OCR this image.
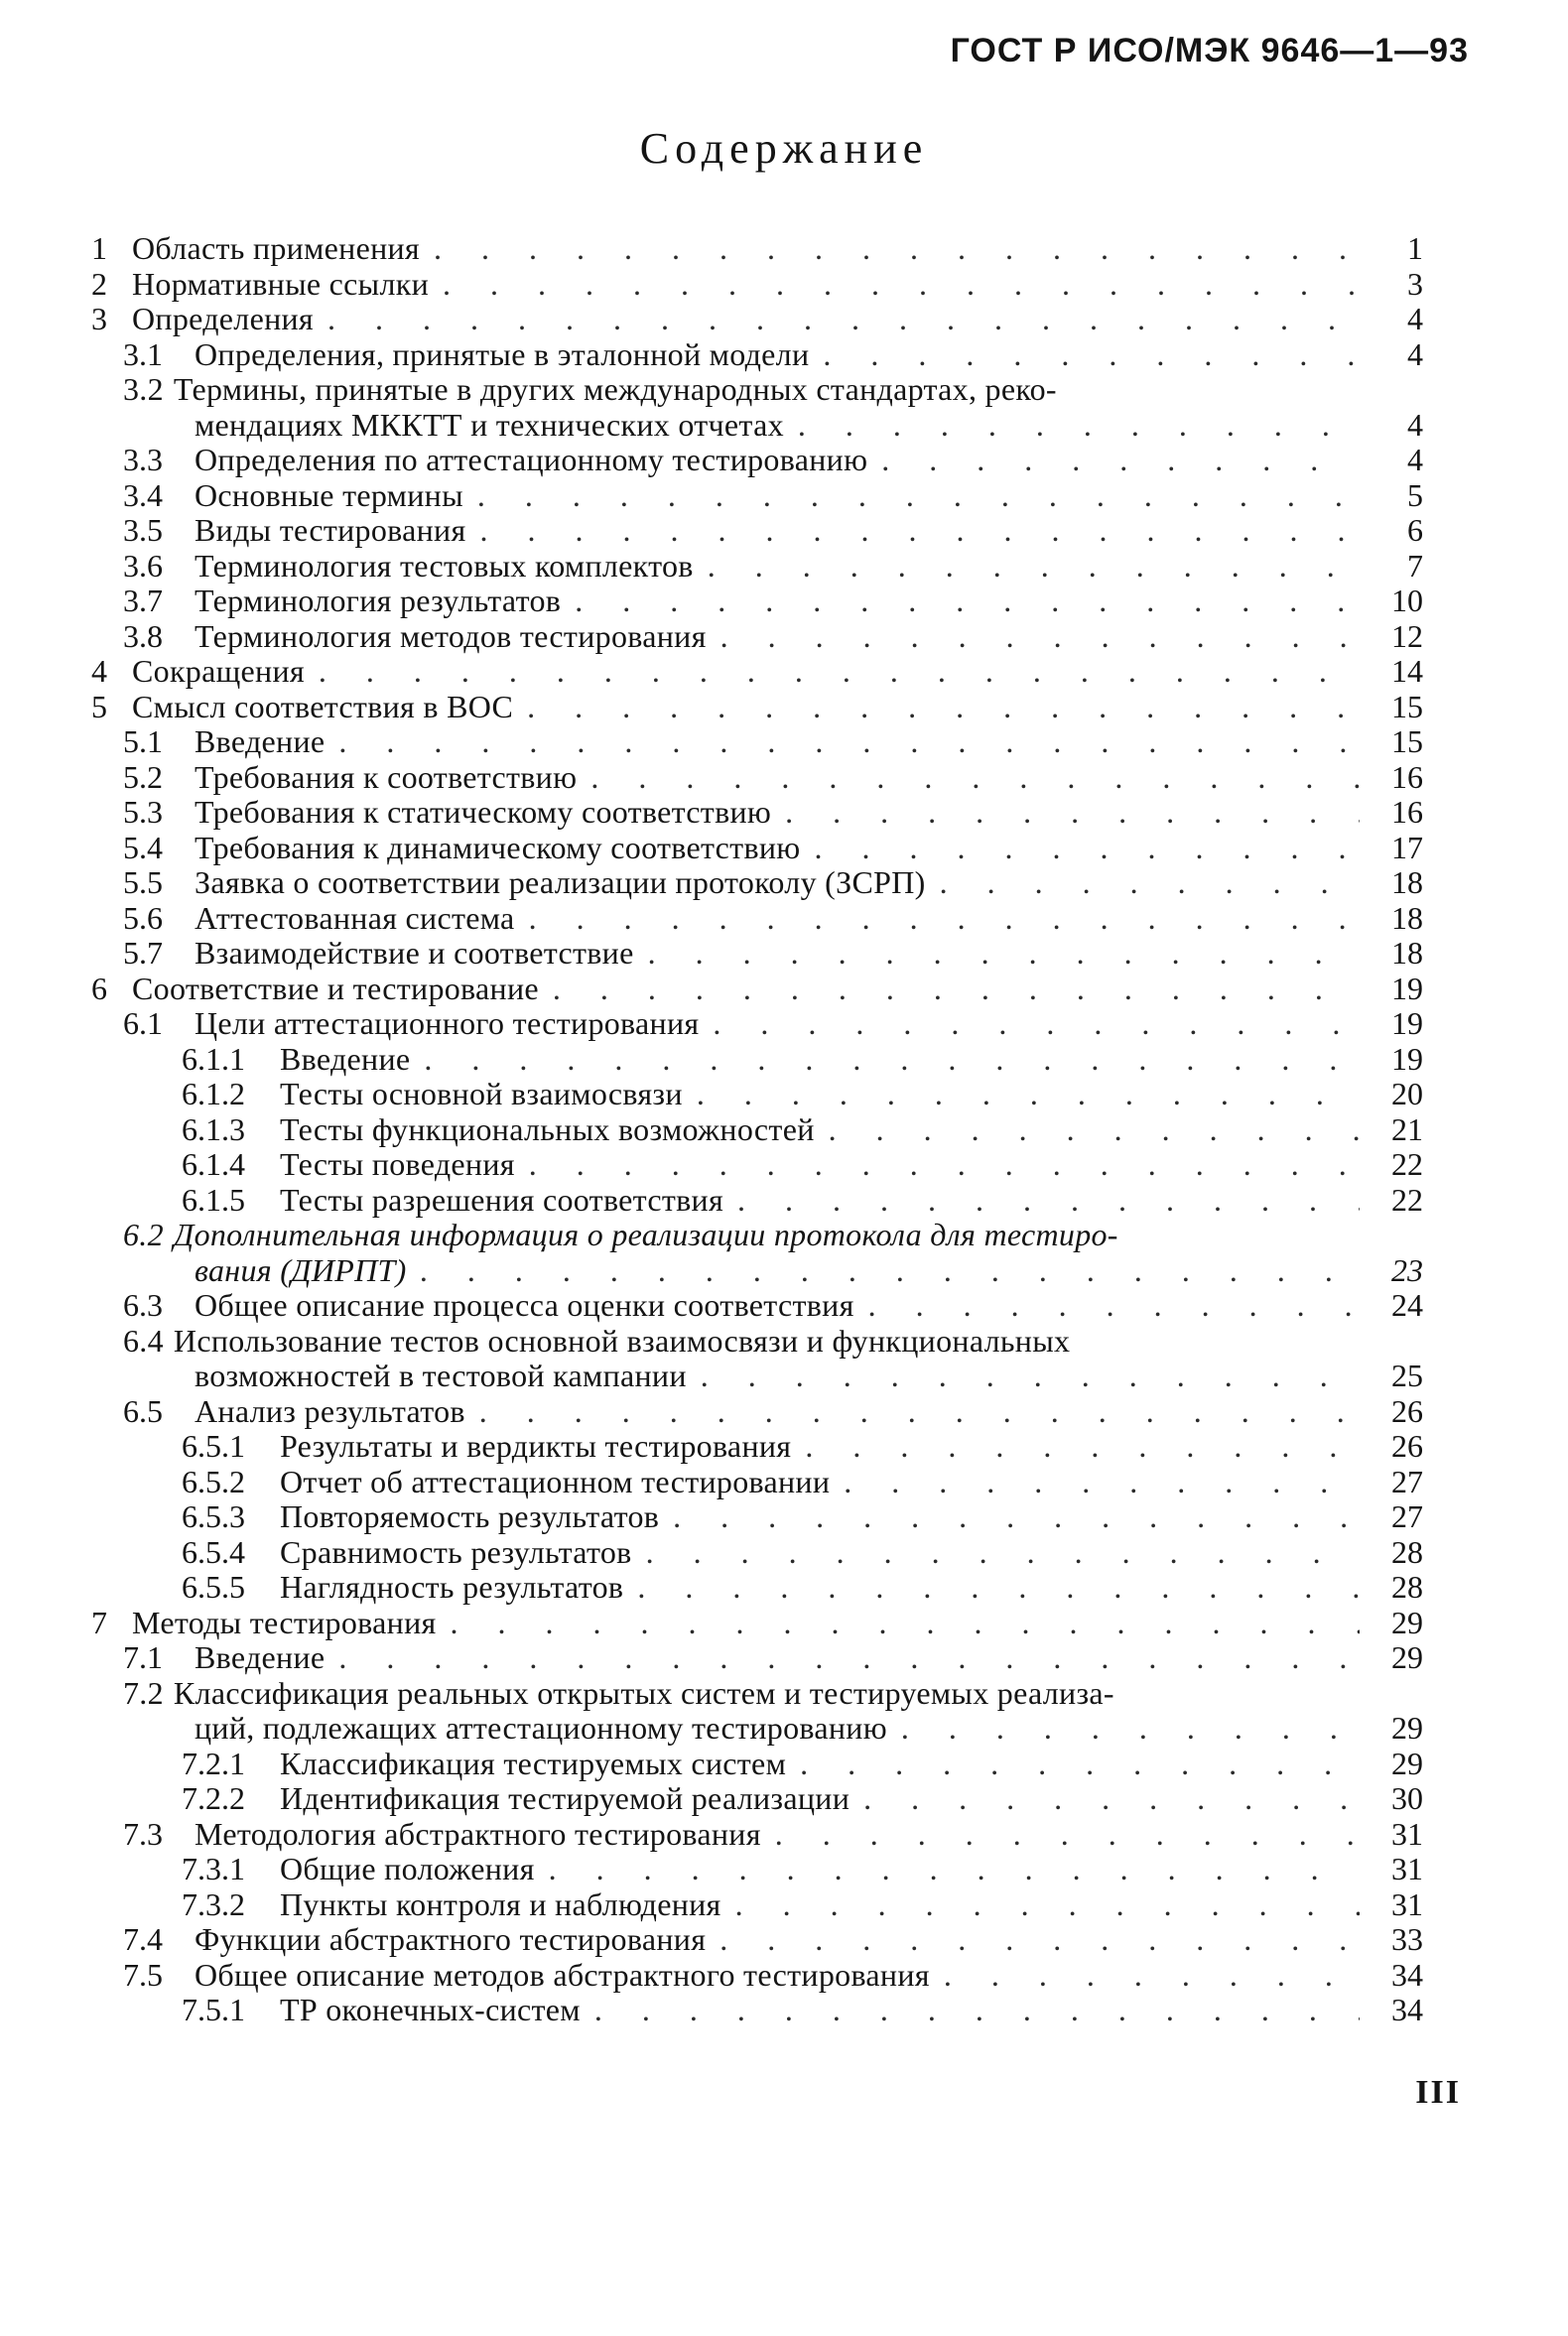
ГОСТ Р ИСО/МЭК 9646—1—93
Содержание
1 Область применения . . .	1
2 Нормативные ссылки . . .	3
3 Определения . . .	4
3.1 Определения, принятые в эталонной модели . . .	4
3.2 Термины, принятые в других международных стандартах, реко-
мендациях МККТТ и технических отчетах . . .	4
3.3 Определения по аттестационному тестированию . . .	4
3.4 Основные термины . . .	5
3.5 Виды тестирования . . .	6
3.6 Терминология тестовых комплектов . . .	7
3.7 Терминология результатов . . .	10
3.8 Терминология методов тестирования . . .	12
4 Сокращения . . .	14
5 Смысл соответствия в ВОС . . .	15
5.1 Введение . . .	15
5.2 Требования к соответствию . . .	16
5.3 Требования к статическому соответствию . . .	16
5.4 Требования к динамическому соответствию . . .	17
5.5 Заявка о соответствии реализации протоколу (ЗСРП) . . .	18
5.6 Аттестованная система . . .	18
5.7 Взаимодействие и соответствие . . .	18
6 Соответствие и тестирование . . .	19
6.1 Цели аттестационного тестирования . . .	19
6.1.1 Введение . . .	19
6.1.2 Тесты основной взаимосвязи . . .	20
6.1.3 Тесты функциональных возможностей . . .	21
6.1.4 Тесты поведения . . .	22
6.1.5 Тесты разрешения соответствия . . .	22
6.2 Дополнительная информация о реализации протокола для тестиро-
вания (ДИРПТ) . . .	23
6.3 Общее описание процесса оценки соответствия . . .	24
6.4 Использование тестов основной взаимосвязи и функциональных
возможностей в тестовой кампании . . .	25
6.5 Анализ результатов . . .	26
6.5.1 Результаты и вердикты тестирования . . .	26
6.5.2 Отчет об аттестационном тестировании . . .	27
6.5.3 Повторяемость результатов . . .	27
6.5.4 Сравнимость результатов . . .	28
6.5.5 Наглядность результатов . . .	28
7 Методы тестирования . . .	29
7.1 Введение . . .	29
7.2 Классификация реальных открытых систем и тестируемых реализа-
ций, подлежащих аттестационному тестированию . . .	29
7.2.1 Классификация тестируемых систем . . .	29
7.2.2 Идентификация тестируемой реализации . . .	30
7.3 Методология абстрактного тестирования . . .	31
7.3.1 Общие положения . . .	31
7.3.2 Пункты контроля и наблюдения . . .	31
7.4 Функции абстрактного тестирования . . .	33
7.5 Общее описание методов абстрактного тестирования . . .	34
7.5.1 ТР оконечных-систем . . .	34
III
